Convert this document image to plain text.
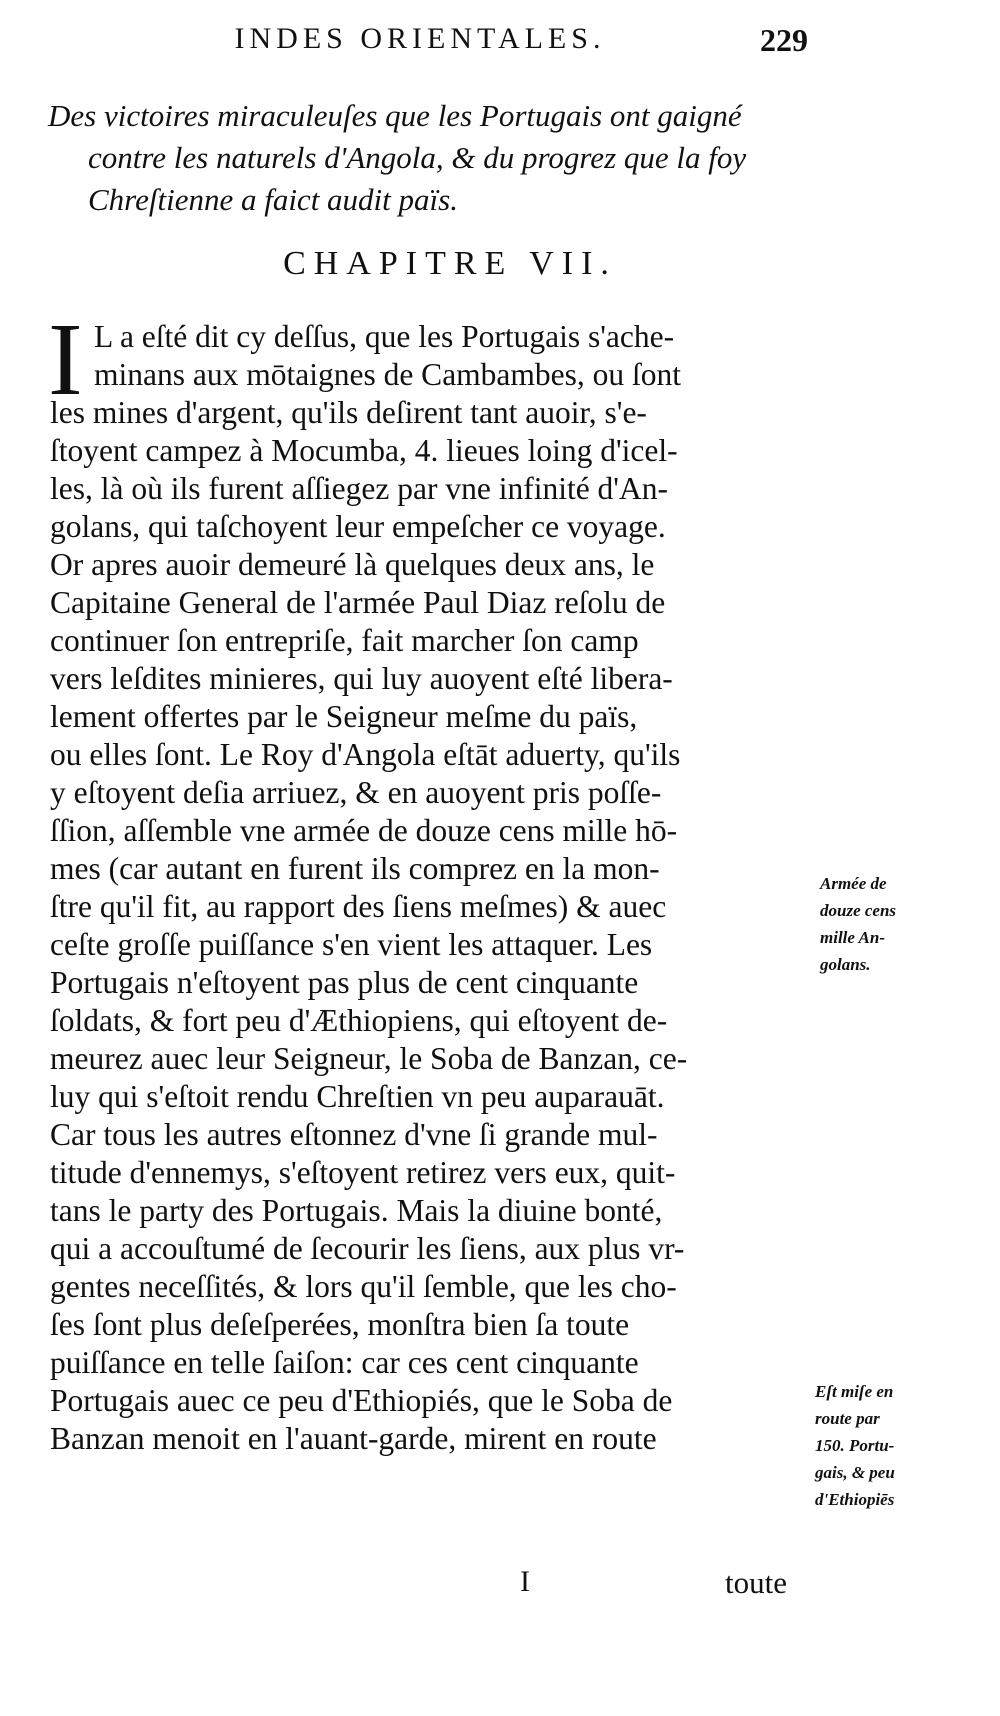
INDES ORIENTALES.	229
Des victoires miraculeuſes que les Portugais ont gaigné
contre les naturels d'Angola, & du progrez que la foy
Chreſtienne a faict audit païs.
CHAPITRE VII.
I L a eſté dit cy deſſus, que les Portugais s'ache-
minans aux mōtaignes de Cambambes, ou ſont
les mines d'argent, qu'ils deſirent tant auoir, s'e-
ſtoyent campez à Mocumba, 4. lieues loing d'icel-
les, là où ils furent aſſiegez par vne infinité d'An-
golans, qui taſchoyent leur empeſcher ce voyage.
Or apres auoir demeuré là quelques deux ans, le
Capitaine General de l'armée Paul Diaz reſolu de
continuer ſon entrepriſe, fait marcher ſon camp
vers leſdites minieres, qui luy auoyent eſté libera-
lement offertes par le Seigneur meſme du païs,
ou elles ſont. Le Roy d'Angola eſtāt aduerty, qu'ils
y eſtoyent deſia arriuez, & en auoyent pris poſſe-
ſſion, aſſemble vne armée de douze cens mille hō-
mes (car autant en furent ils comprez en la mon-
ſtre qu'il fit, au rapport des ſiens meſmes) & auec
ceſte groſſe puiſſance s'en vient les attaquer. Les
Portugais n'eſtoyent pas plus de cent cinquante
ſoldats, & fort peu d'Æthiopiens, qui eſtoyent de-
meurez auec leur Seigneur, le Soba de Banzan, ce-
luy qui s'eſtoit rendu Chreſtien vn peu auparauāt.
Car tous les autres eſtonnez d'vne ſi grande mul-
titude d'ennemys, s'eſtoyent retirez vers eux, quit-
tans le party des Portugais. Mais la diuine bonté,
qui a accouſtumé de ſecourir les ſiens, aux plus vr-
gentes neceſſités, & lors qu'il ſemble, que les cho-
ſes ſont plus deſeſperées, monſtra bien ſa toute
puiſſance en telle ſaiſon: car ces cent cinquante
Portugais auec ce peu d'Ethiopiés, que le Soba de
Banzan menoit en l'auant-garde, mirent en route
Armée de
douze cens
mille An-
golans.
Eſt miſe en
route par
150. Portu-
gais, & peu
d'Ethiopiēs
I	toute
